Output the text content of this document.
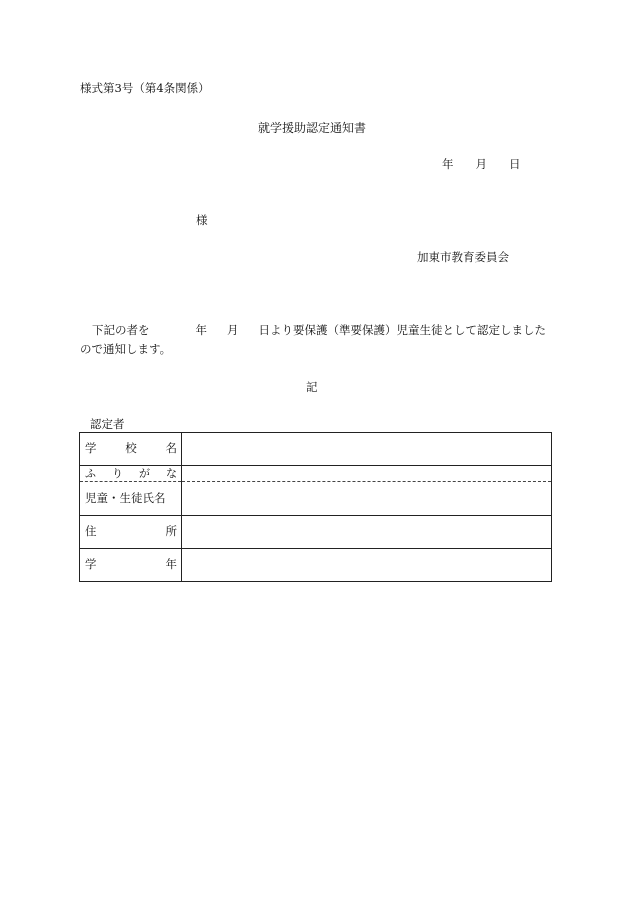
様式第3号（第4条関係）
就学援助認定通知書
年 月 日
様
加東市教育委員会
下記の者を	年 月 日より要保護（準要保護）児童生徒として認定しました
ので通知します。
記
認定者
学 校 名	

ふ り が な	

児童・生徒氏名	

住 所	

学 年	
